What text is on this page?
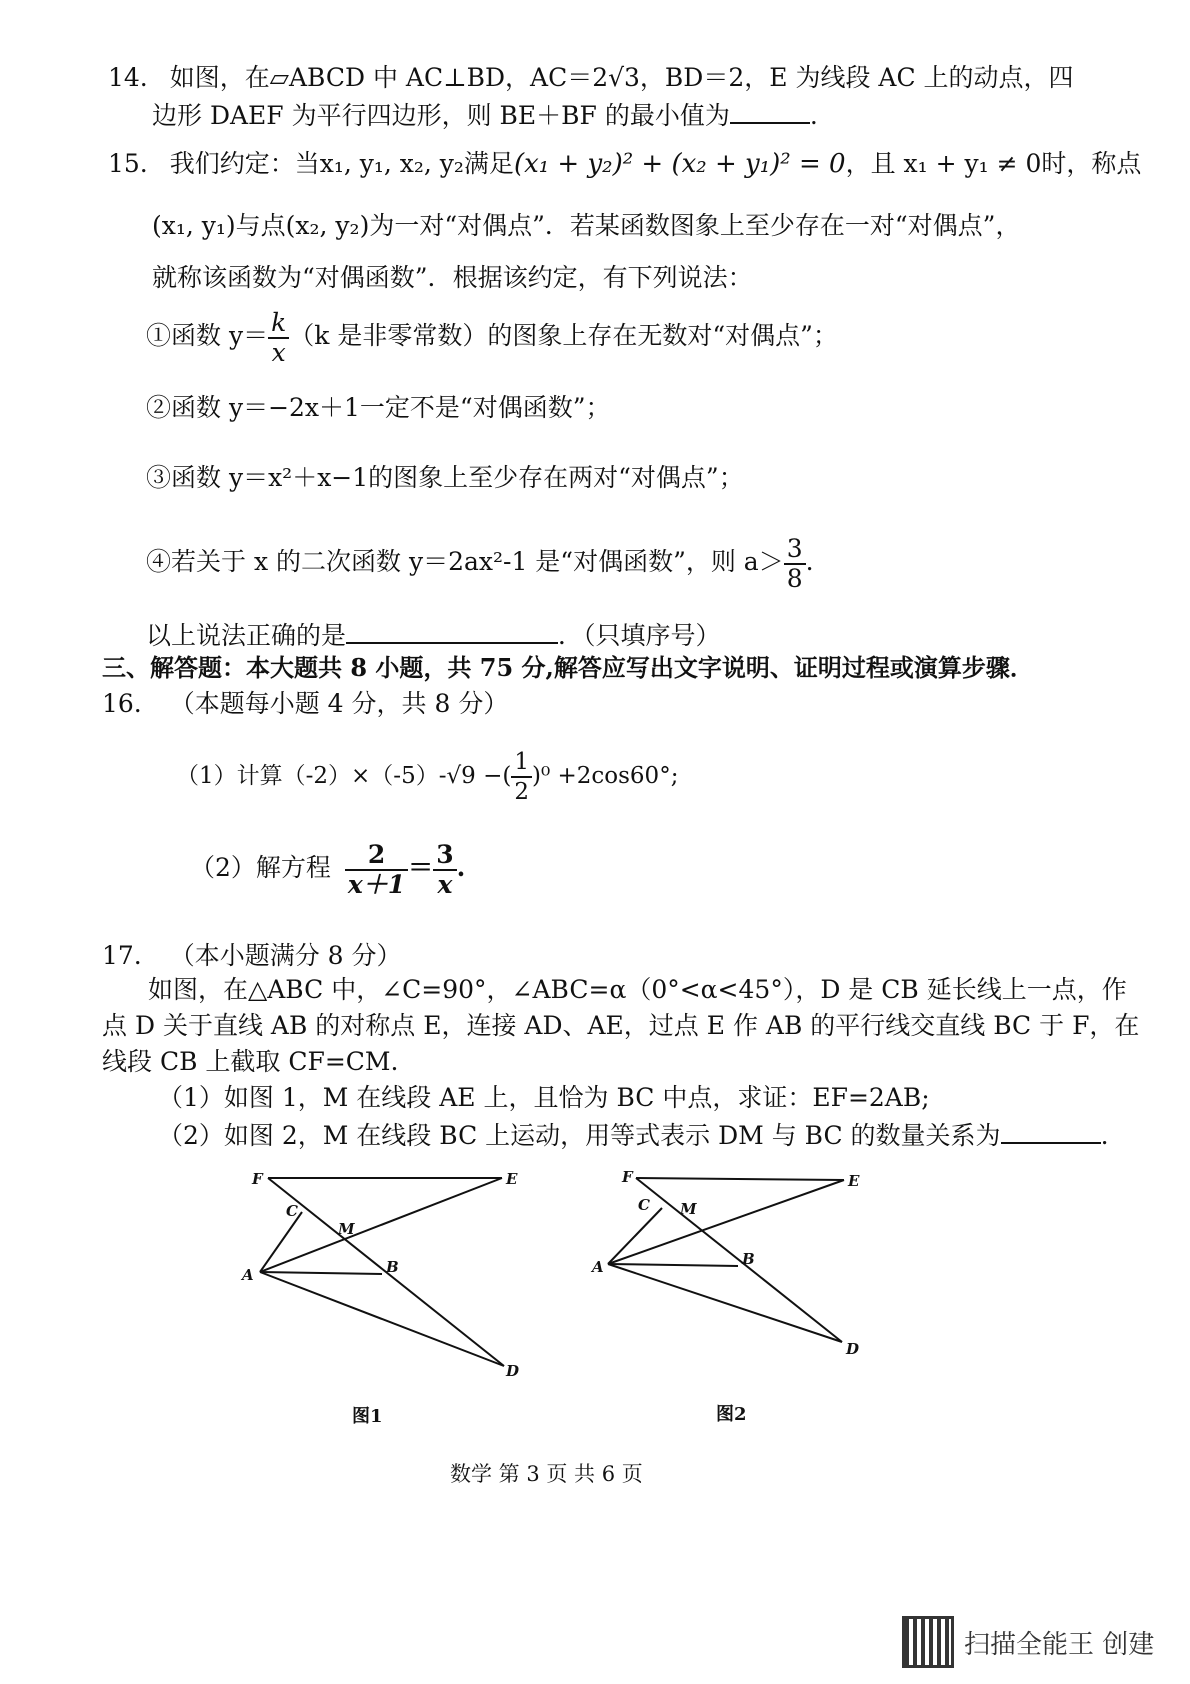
14. 如图，在▱ABCD 中 AC⊥BD，AC＝2√3，BD＝2，E 为线段 AC 上的动点，四
边形 DAEF 为平行四边形，则 BE＋BF 的最小值为	.
15. 我们约定：当x₁, y₁, x₂, y₂满足(x₁ + y₂)² + (x₂ + y₁)² = 0，且 x₁ + y₁ ≠ 0时，称点
(x₁, y₁)与点(x₂, y₂)为一对“对偶点”．若某函数图象上至少存在一对“对偶点”，
就称该函数为“对偶函数”．根据该约定，有下列说法：
①函数 $y= \frac{k}{x} (k$ 是非零常数）的图象上存在无数对“对偶点”；
②函数 y＝−2x＋1一定不是“对偶函数”；
③函数 y＝x²＋x−1的图象上至少存在两对“对偶点”；
④若关于 x 的二次函数 y＝2ax²-1 是“对偶函数”，则 $a> \frac{3}{8}$ .
以上说法正确的是	．（只填序号）
三、解答题：本大题共 8 小题，共 75 分,解答应写出文字说明、证明过程或演算步骤．
16. （本题每小题 4 分，共 8 分）
（1）计算（-2）×（-5）-√9 −( $\frac{1}{2} )^0 +2\cos 60^\circ$;
（2）解方程 $\frac{2}{x+1} = \frac{3}{x}$ .
17. （本小题满分 8 分）
如图，在△ABC 中，∠C=90°，∠ABC=α（0°<α<45°），D 是 CB 延长线上一点，作
点 D 关于直线 AB 的对称点 E，连接 AD、AE，过点 E 作 AB 的平行线交直线 BC 于 F，在
线段 CB 上截取 CF=CM.
（1）如图 1，M 在线段 AE 上，且恰为 BC 中点，求证：EF=2AB;
（2）如图 2，M 在线段 BC 上运动，用等式表示 DM 与 BC 的数量关系为	.
F	E
C
M
A	B
D
图1
F	E
C M
A	B
D
图2
数学 第 3 页 共 6 页
扫描全能王 创建
